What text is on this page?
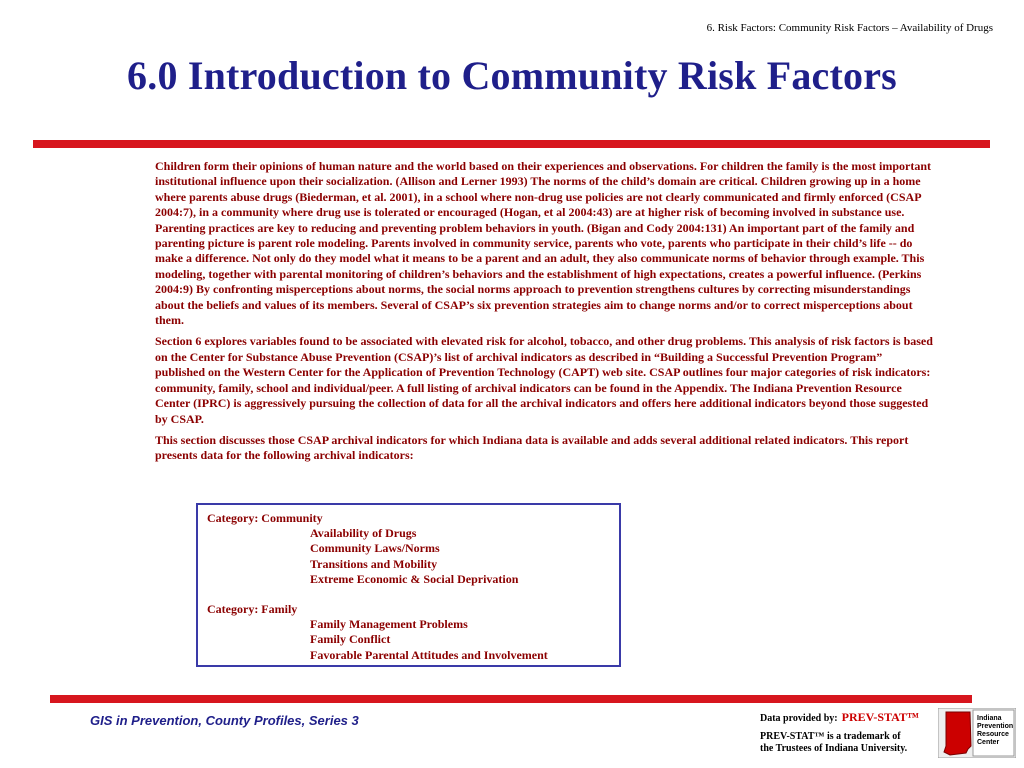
6. Risk Factors: Community Risk Factors – Availability of Drugs
6.0 Introduction to Community Risk Factors

Children form their opinions of human nature and the world based on their experiences and observations. For children the family is the most important institutional influence upon their socialization. (Allison and Lerner 1993) The norms of the child’s domain are critical. Children growing up in a home where parents abuse drugs (Biederman, et al. 2001), in a school where non-drug use policies are not clearly communicated and firmly enforced (CSAP 2004:7), in a community where drug use is tolerated or encouraged (Hogan, et al 2004:43) are at higher risk of becoming involved in substance use. Parenting practices are key to reducing and preventing problem behaviors in youth. (Bigan and Cody 2004:131) An important part of the family and parenting picture is parent role modeling. Parents involved in community service, parents who vote, parents who participate in their child’s life -- do make a difference. Not only do they model what it means to be a parent and an adult, they also communicate norms of behavior through example. This modeling, together with parental monitoring of children’s behaviors and the establishment of high expectations, creates a powerful influence. (Perkins 2004:9) By confronting misperceptions about norms, the social norms approach to prevention strengthens cultures by correcting misunderstandings about the beliefs and values of its members. Several of CSAP’s six prevention strategies aim to change norms and/or to correct misperceptions about them.

Section 6 explores variables found to be associated with elevated risk for alcohol, tobacco, and other drug problems. This analysis of risk factors is based on the Center for Substance Abuse Prevention (CSAP)’s list of archival indicators as described in “Building a Successful Prevention Program” published on the Western Center for the Application of Prevention Technology (CAPT) web site. CSAP outlines four major categories of risk indicators: community, family, school and individual/peer. A full listing of archival indicators can be found in the Appendix. The Indiana Prevention Resource Center (IPRC) is aggressively pursuing the collection of data for all the archival indicators and offers here additional indicators beyond those suggested by CSAP.

This section discusses those CSAP archival indicators for which Indiana data is available and adds several additional related indicators. This report presents data for the following archival indicators:

Category: Community
Availability of Drugs
Community Laws/Norms
Transitions and Mobility
Extreme Economic & Social Deprivation
Category: Family
Family Management Problems
Family Conflict
Favorable Parental Attitudes and Involvement
GIS in Prevention, County Profiles, Series 3	Data provided by: PREV-STAT™
PREV-STAT™ is a trademark of
the Trustees of Indiana University.
Indiana
Prevention
Resource
Center
